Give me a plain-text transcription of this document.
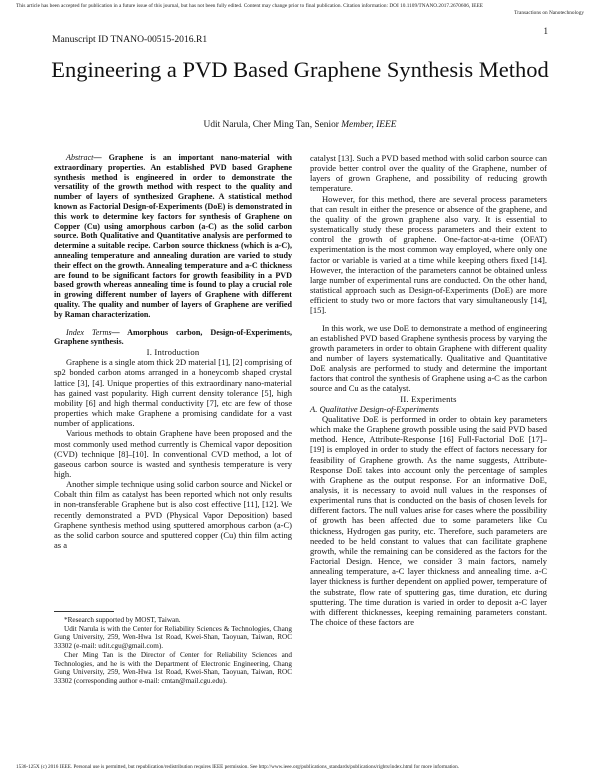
This article has been accepted for publication in a future issue of this journal, but has not been fully edited. Content may change prior to final publication. Citation information: DOI 10.1109/TNANO.2017.2670606, IEEE
Transactions on Nanotechnology
1
Manuscript ID TNANO-00515-2016.R1
Engineering a PVD Based Graphene Synthesis Method
Udit Narula, Cher Ming Tan, Senior Member, IEEE

Abstract— Graphene is an important nano-material with extraordinary properties. An established PVD based Graphene synthesis method is engineered in order to demonstrate the versatility of the growth method with respect to the quality and number of layers of synthesized Graphene. A statistical method known as Factorial Design-of-Experiments (DoE) is demonstrated in this work to determine key factors for synthesis of Graphene on Copper (Cu) using amorphous carbon (a-C) as the solid carbon source. Both Qualitative and Quantitative analysis are performed to determine a suitable recipe. Carbon source thickness (which is a-C), annealing temperature and annealing duration are varied to study their effect on the growth. Annealing temperature and a-C thickness are found to be significant factors for growth feasibility in a PVD based growth whereas annealing time is found to play a crucial role in growing different number of layers of Graphene with different quality. The quality and number of layers of Graphene are verified by Raman characterization.

Index Terms— Amorphous carbon, Design-of-Experiments, Graphene synthesis.

I. Introduction

Graphene is a single atom thick 2D material [1], [2] comprising of sp2 bonded carbon atoms arranged in a honeycomb shaped crystal lattice [3], [4]. Unique properties of this extraordinary nano-material has gained vast popularity. High current density tolerance [5], high mobility [6] and high thermal conductivity [7], etc are few of those properties which make Graphene a promising candidate for a vast number of applications.

Various methods to obtain Graphene have been proposed and the most commonly used method currently is Chemical vapor deposition (CVD) technique [8]–[10]. In conventional CVD method, a lot of gaseous carbon source is wasted and synthesis temperature is very high.

Another simple technique using solid carbon source and Nickel or Cobalt thin film as catalyst has been reported which not only results in non-transferable Graphene but is also cost effective [11], [12]. We recently demonstrated a PVD (Physical Vapor Deposition) based Graphene synthesis method using sputtered amorphous carbon (a-C) as the solid carbon source and sputtered copper (Cu) thin film acting as a

catalyst [13]. Such a PVD based method with solid carbon source can provide better control over the quality of the Graphene, number of layers of grown Graphene, and possibility of reducing growth temperature.

However, for this method, there are several process parameters that can result in either the presence or absence of the graphene, and the quality of the grown graphene also vary. It is essential to systematically study these process parameters and their extent to control the growth of graphene. One-factor-at-a-time (OFAT) experimentation is the most common way employed, where only one factor or variable is varied at a time while keeping others fixed [14]. However, the interaction of the parameters cannot be obtained unless large number of experimental runs are conducted. On the other hand, statistical approach such as Design-of-Experiments (DoE) are more efficient to study two or more factors that vary simultaneously [14], [15].

In this work, we use DoE to demonstrate a method of engineering an established PVD based Graphene synthesis process by varying the growth parameters in order to obtain Graphene with different quality and number of layers systematically. Qualitative and Quantitative DoE analysis are performed to study and determine the important factors that control the synthesis of Graphene using a-C as the carbon source and Cu as the catalyst.

II. Experiments

A. Qualitative Design-of-Experiments

Qualitative DoE is performed in order to obtain key parameters which make the Graphene growth possible using the said PVD based method. Hence, Attribute-Response [16] Full-Factorial DoE [17]–[19] is employed in order to study the effect of factors necessary for feasibility of Graphene growth. As the name suggests, Attribute-Response DoE takes into account only the percentage of samples with Graphene as the output response. For an informative DoE, analysis, it is necessary to avoid null values in the responses of experimental runs that is conducted on the basis of chosen levels for different factors. The null values arise for cases where the possibility of growth has been affected due to some parameters like Cu thickness, Hydrogen gas purity, etc. Therefore, such parameters are needed to be held constant to values that can facilitate graphene growth, while the remaining can be considered as the factors for the Factorial Design. Hence, we consider 3 main factors, namely annealing temperature, a-C layer thickness and annealing time. a-C layer thickness is further dependent on applied power, temperature of the substrate, flow rate of sputtering gas, time duration, etc during sputtering. The time duration is varied in order to deposit a-C layer with different thicknesses, keeping remaining parameters constant. The choice of these factors are

*Research supported by MOST, Taiwan.

Udit Narula is with the Center for Reliability Sciences & Technologies, Chang Gung University, 259, Wen-Hwa 1st Road, Kwei-Shan, Taoyuan, Taiwan, ROC 33302 (e-mail: udit.cgu@gmail.com).

Cher Ming Tan is the Director of Center for Reliability Sciences and Technologies, and he is with the Department of Electronic Engineering, Chang Gung University, 259, Wen-Hwa 1st Road, Kwei-Shan, Taoyuan, Taiwan, ROC 33302 (corresponding author e-mail: cmtan@mail.cgu.edu).

1536-125X (c) 2016 IEEE. Personal use is permitted, but republication/redistribution requires IEEE permission. See http://www.ieee.org/publications_standards/publications/rights/index.html for more information.
